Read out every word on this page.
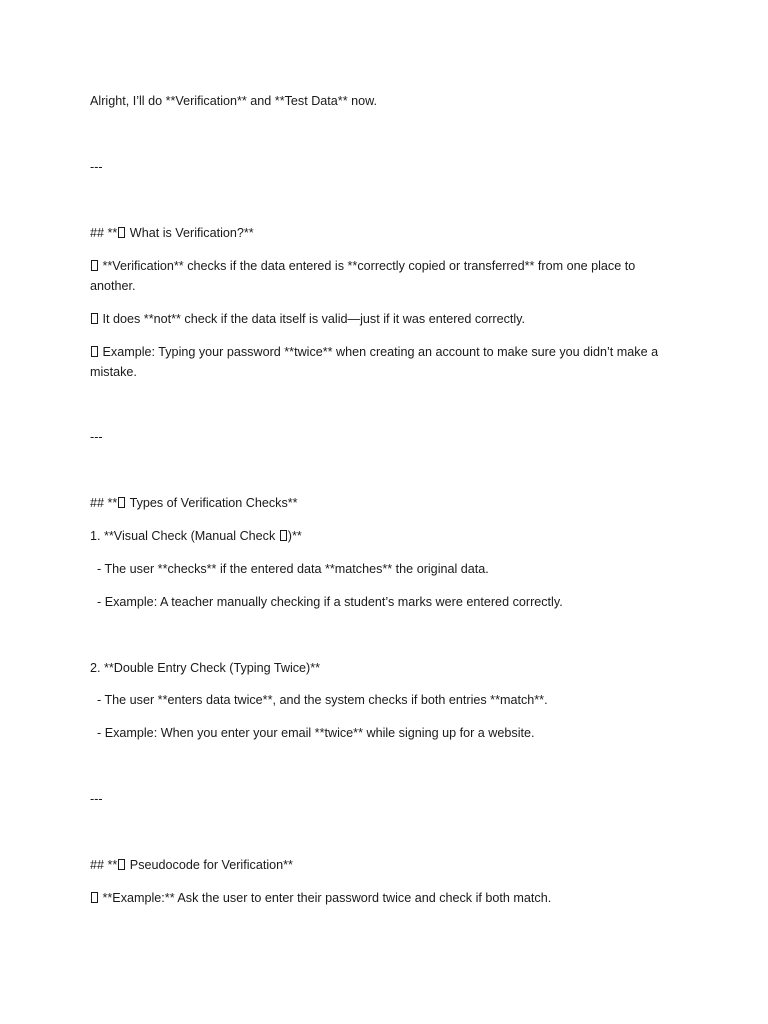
Alright, I’ll do **Verification** and **Test Data** now.
---
## ** What is Verification?**
**Verification** checks if the data entered is **correctly copied or transferred** from one place to another.
It does **not** check if the data itself is valid—just if it was entered correctly.
Example: Typing your password **twice** when creating an account to make sure you didn’t make a mistake.
---
## ** Types of Verification Checks**
1. **Visual Check (Manual Check )**
- The user **checks** if the entered data **matches** the original data.
- Example: A teacher manually checking if a student’s marks were entered correctly.
2. **Double Entry Check (Typing Twice)**
- The user **enters data twice**, and the system checks if both entries **match**.
- Example: When you enter your email **twice** while signing up for a website.
---
## ** Pseudocode for Verification**
**Example:** Ask the user to enter their password twice and check if both match.
